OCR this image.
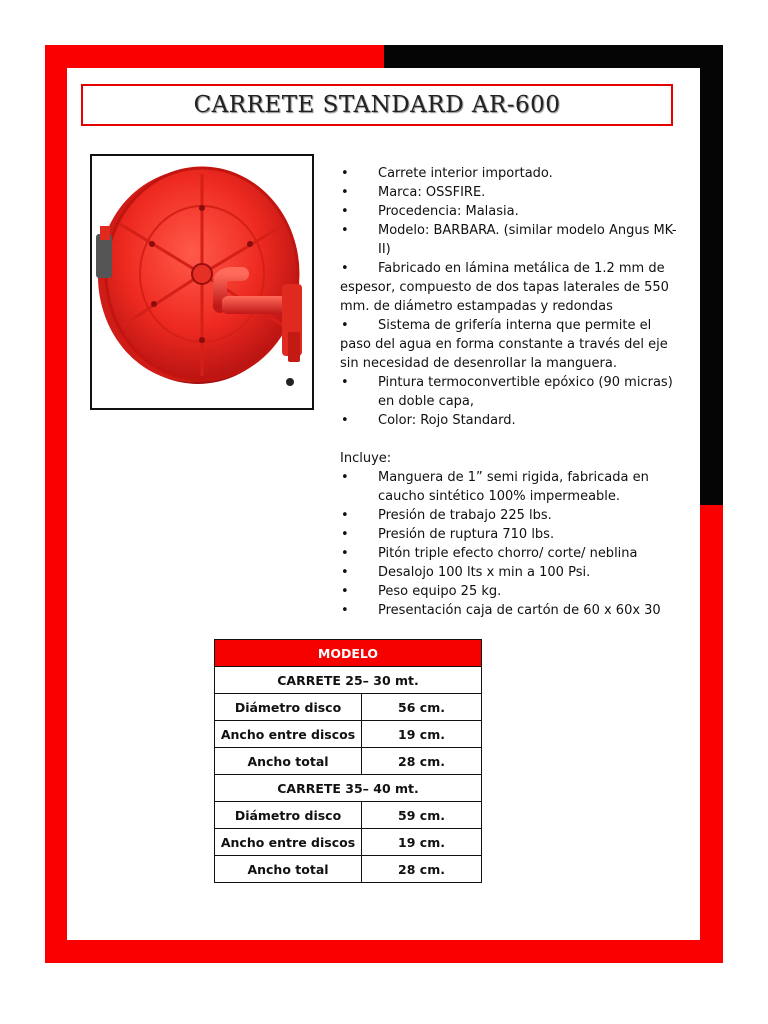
CARRETE STANDARD AR-600
•	Carrete interior importado.
•	Marca: OSSFIRE.
•	Procedencia: Malasia.
•	Modelo: BARBARA. (similar modelo Angus MK-II)
• Fabricado en lámina metálica de 1.2 mm de espesor, compuesto de dos tapas laterales de 550 mm. de diámetro estampadas y redondas
• Sistema de grifería interna que permite el paso del agua en forma constante a través del eje sin necesidad de desenrollar la manguera.
•	Pintura termoconvertible epóxico (90 micras) en doble capa,
•	Color: Rojo Standard.
Incluye:
•	Manguera de 1” semi rigida, fabricada en caucho sintético 100% impermeable.
•	Presión de trabajo 225 lbs.
•	Presión de ruptura 710 lbs.
•	Pitón triple efecto chorro/ corte/ neblina
•	Desalojo 100 lts x min a 100 Psi.
•	Peso equipo 25 kg.
•	Presentación caja de cartón de 60 x 60x 30
MODELO	
CARRETE 25– 30 mt.	
Diámetro disco	56 cm.
Ancho entre discos	19 cm.
Ancho total	28 cm.
CARRETE 35– 40 mt.	
Diámetro disco	59 cm.
Ancho entre discos	19 cm.
Ancho total	28 cm.
